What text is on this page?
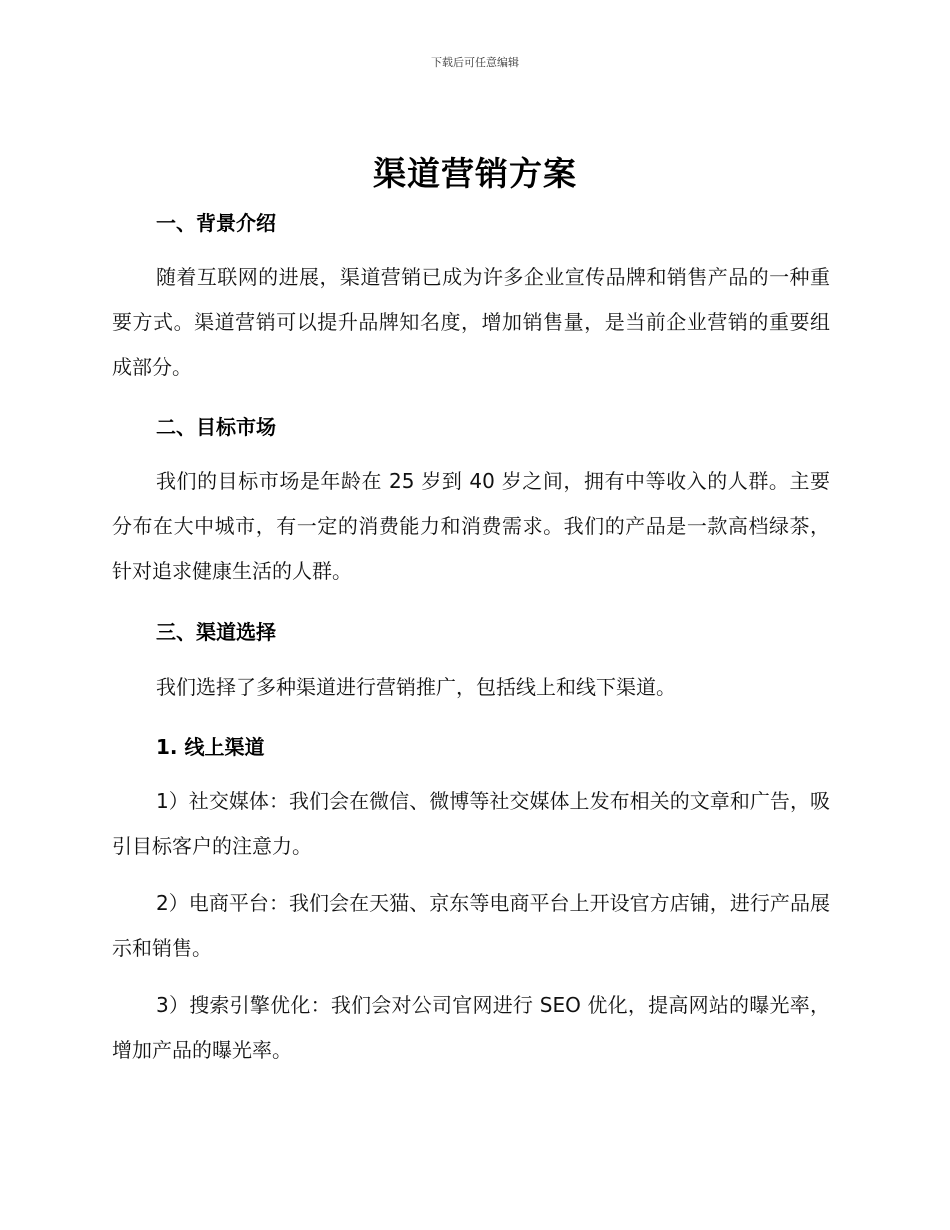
下载后可任意编辑
渠道营销方案
一、背景介绍
随着互联网的进展，渠道营销已成为许多企业宣传品牌和销售产品的一种重要方式。渠道营销可以提升品牌知名度，增加销售量，是当前企业营销的重要组成部分。
二、目标市场
我们的目标市场是年龄在 25 岁到 40 岁之间，拥有中等收入的人群。主要分布在大中城市，有一定的消费能力和消费需求。我们的产品是一款高档绿茶，针对追求健康生活的人群。
三、渠道选择
我们选择了多种渠道进行营销推广，包括线上和线下渠道。
1. 线上渠道
1）社交媒体：我们会在微信、微博等社交媒体上发布相关的文章和广告，吸引目标客户的注意力。
2）电商平台：我们会在天猫、京东等电商平台上开设官方店铺，进行产品展示和销售。
3）搜索引擎优化：我们会对公司官网进行 SEO 优化，提高网站的曝光率，增加产品的曝光率。
